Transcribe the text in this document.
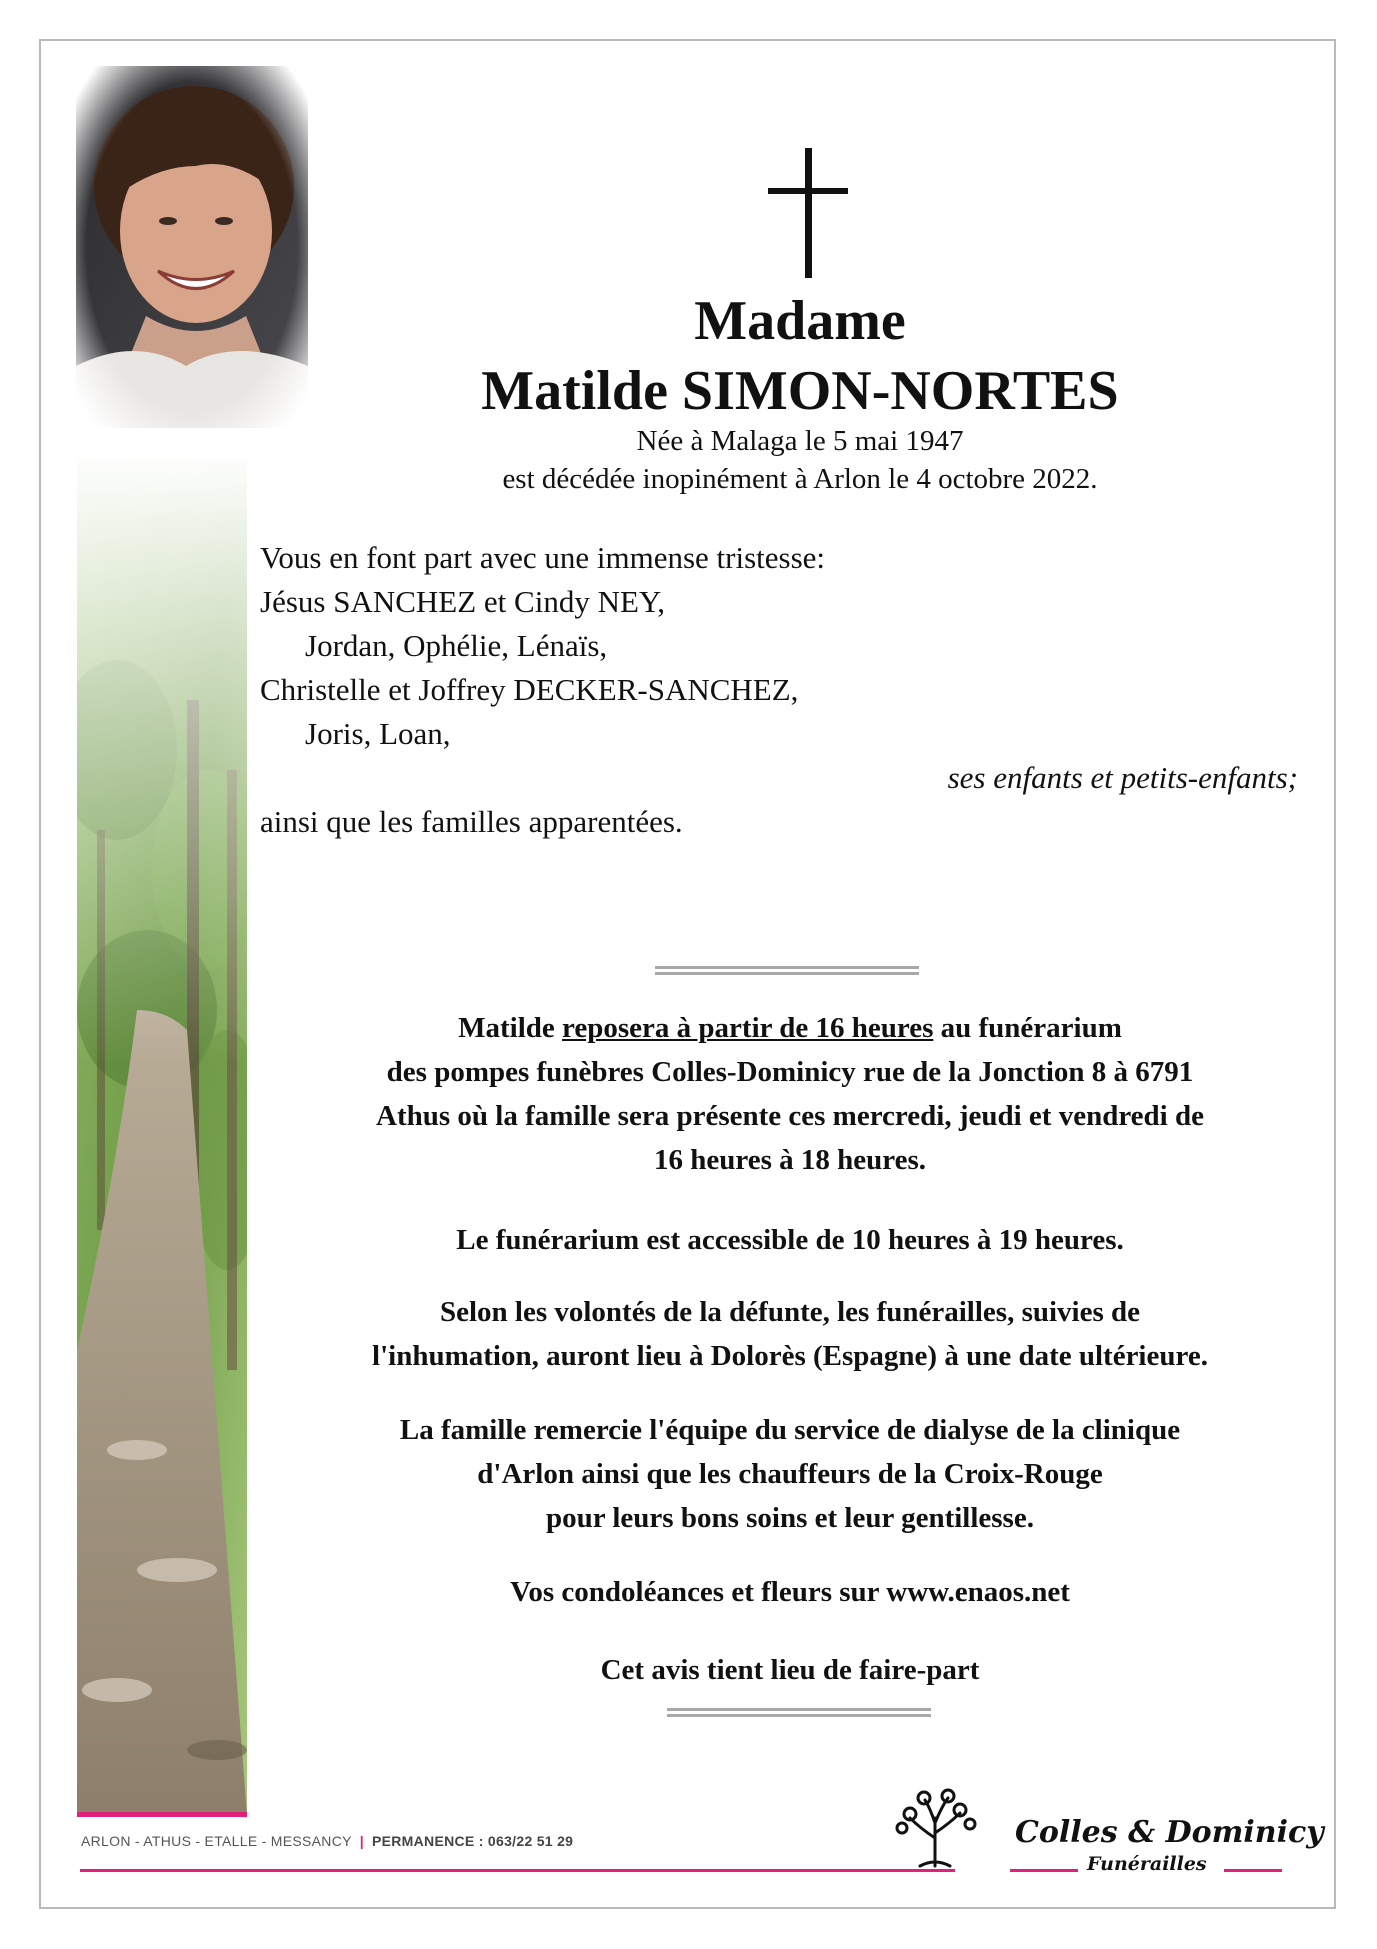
Madame
Matilde SIMON-NORTES
Née à Malaga le 5 mai 1947
est décédée inopinément à Arlon le 4 octobre 2022.
Vous en font part avec une immense tristesse:
Jésus SANCHEZ et Cindy NEY,
Jordan, Ophélie, Lénaïs,
Christelle et Joffrey DECKER-SANCHEZ,
Joris, Loan,
ses enfants et petits-enfants;
ainsi que les familles apparentées.
Matilde reposera à partir de 16 heures au funérarium
des pompes funèbres Colles-Dominicy rue de la Jonction 8 à 6791
Athus où la famille sera présente ces mercredi, jeudi et vendredi de
16 heures à 18 heures.
Le funérarium est accessible de 10 heures à 19 heures.
Selon les volontés de la défunte, les funérailles, suivies de
l'inhumation, auront lieu à Dolorès (Espagne) à une date ultérieure.
La famille remercie l'équipe du service de dialyse de la clinique
d'Arlon ainsi que les chauffeurs de la Croix-Rouge
pour leurs bons soins et leur gentillesse.
Vos condoléances et fleurs sur www.enaos.net
Cet avis tient lieu de faire-part
ARLON - ATHUS - ETALLE - MESSANCY | PERMANENCE : 063/22 51 29	Colles & Dominicy
Funérailles
